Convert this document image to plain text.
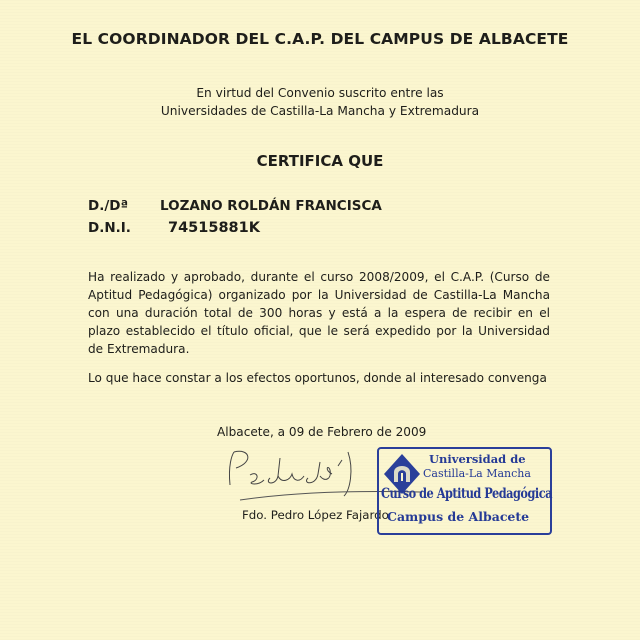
EL COORDINADOR DEL C.A.P. DEL CAMPUS DE ALBACETE
En virtud del Convenio suscrito entre las
Universidades de Castilla-La Mancha y Extremadura
CERTIFICA QUE
D./Dª LOZANO ROLDÁN FRANCISCA
D.N.I.	74515881K
Ha realizado y aprobado, durante el curso 2008/2009, el C.A.P. (Curso de Aptitud Pedagógica) organizado por la Universidad de Castilla-La Mancha con una duración total de 300 horas y está a la espera de recibir en el plazo establecido el título oficial, que le será expedido por la Universidad de Extremadura.
Lo que hace constar a los efectos oportunos, donde al interesado convenga
Albacete, a 09 de Febrero de 2009
Fdo. Pedro López Fajardo
Universidad de
Castilla-La Mancha
Curso de Aptitud Pedagógica
Campus de Albacete
